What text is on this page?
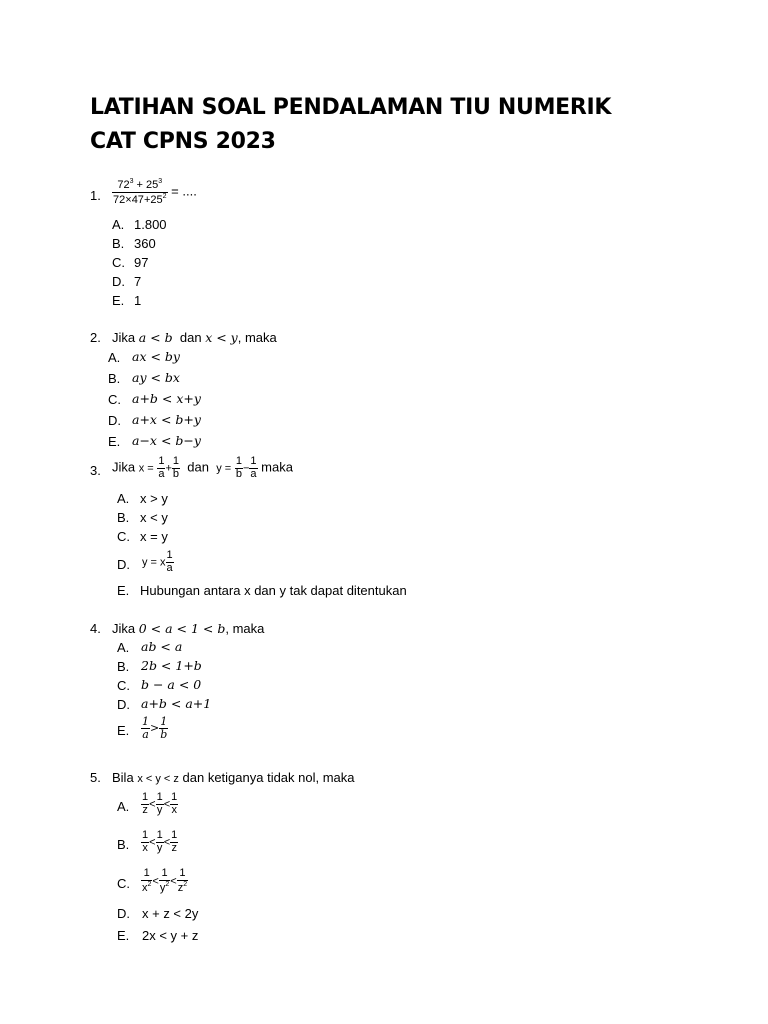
LATIHAN SOAL PENDALAMAN TIU NUMERIK
CAT CPNS 2023
1. $\frac{72^3 + 25^3}{72\times 47+25^2}$ = ....
A. 1.800
B. 360
C. 97
D. 7
E. 1
2. Jika a < b dan x < y, maka
A. ax < by
B. ay < bx
C. a+b < x+y
D. a+x < b+y
E. a−x < b−y
3. Jika $x = \frac{1}{a} + \frac{1}{b}$ dan $y = \frac{1}{b} - \frac{1}{a}$ maka
A. x > y
B. x < y
C. x = y
D. y = x $\frac{1}{a}$
E. Hubungan antara x dan y tak dapat ditentukan
4. Jika 0 < a < 1 < b, maka
A. ab < a
B. 2b < 1+b
C. b − a < 0
D. a+b < a+1
E. $\frac{1}{a} > \frac{1}{b}$
5. Bila x < y < z dan ketiganya tidak nol, maka
A. $\frac{1}{z} < \frac{1}{y} < \frac{1}{x}$
B. $\frac{1}{x} < \frac{1}{y} < \frac{1}{z}$
C. $\frac{1}{x^2} < \frac{1}{y^2} < \frac{1}{z^2}$
D. x + z < 2y
E. 2x < y + z
